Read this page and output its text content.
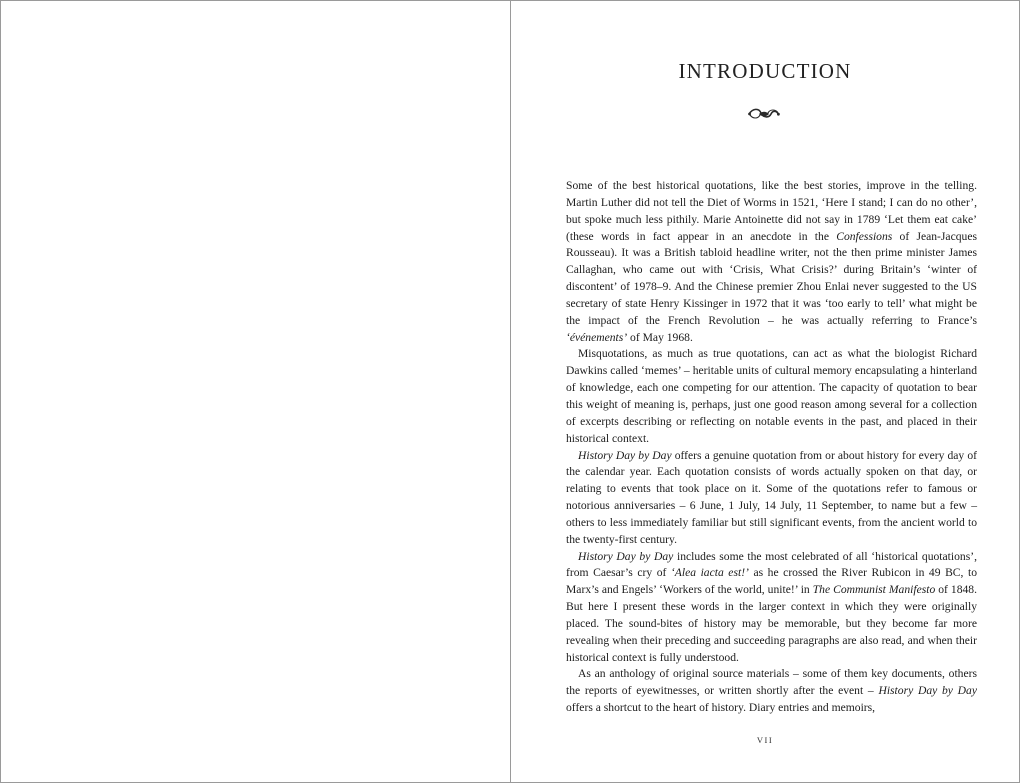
INTRODUCTION

Some of the best historical quotations, like the best stories, improve in the telling. Martin Luther did not tell the Diet of Worms in 1521, ‘Here I stand; I can do no other’, but spoke much less pithily. Marie Antoinette did not say in 1789 ‘Let them eat cake’ (these words in fact appear in an anecdote in the Confessions of Jean-Jacques Rousseau). It was a British tabloid headline writer, not the then prime minister James Callaghan, who came out with ‘Crisis, What Crisis?’ during Britain’s ‘winter of discontent’ of 1978–9. And the Chinese premier Zhou Enlai never suggested to the US secretary of state Henry Kissinger in 1972 that it was ‘too early to tell’ what might be the impact of the French Revolution – he was actually referring to France’s ‘événements’ of May 1968.

Misquotations, as much as true quotations, can act as what the biologist Richard Dawkins called ‘memes’ – heritable units of cultural memory encapsulating a hinterland of knowledge, each one competing for our attention. The capacity of quotation to bear this weight of meaning is, perhaps, just one good reason among several for a collection of excerpts describing or reflecting on notable events in the past, and placed in their historical context.

History Day by Day offers a genuine quotation from or about history for every day of the calendar year. Each quotation consists of words actually spoken on that day, or relating to events that took place on it. Some of the quotations refer to famous or notorious anniversaries – 6 June, 1 July, 14 July, 11 September, to name but a few – others to less immediately familiar but still significant events, from the ancient world to the twenty-first century.

History Day by Day includes some the most celebrated of all ‘historical quotations’, from Caesar’s cry of ‘Alea iacta est!’ as he crossed the River Rubicon in 49 BC, to Marx’s and Engels’ ‘Workers of the world, unite!’ in The Communist Manifesto of 1848. But here I present these words in the larger context in which they were originally placed. The sound-bites of history may be memorable, but they become far more revealing when their preceding and succeeding paragraphs are also read, and when their historical context is fully understood.

As an anthology of original source materials – some of them key documents, others the reports of eyewitnesses, or written shortly after the event – History Day by Day offers a shortcut to the heart of history. Diary entries and memoirs,

VII
